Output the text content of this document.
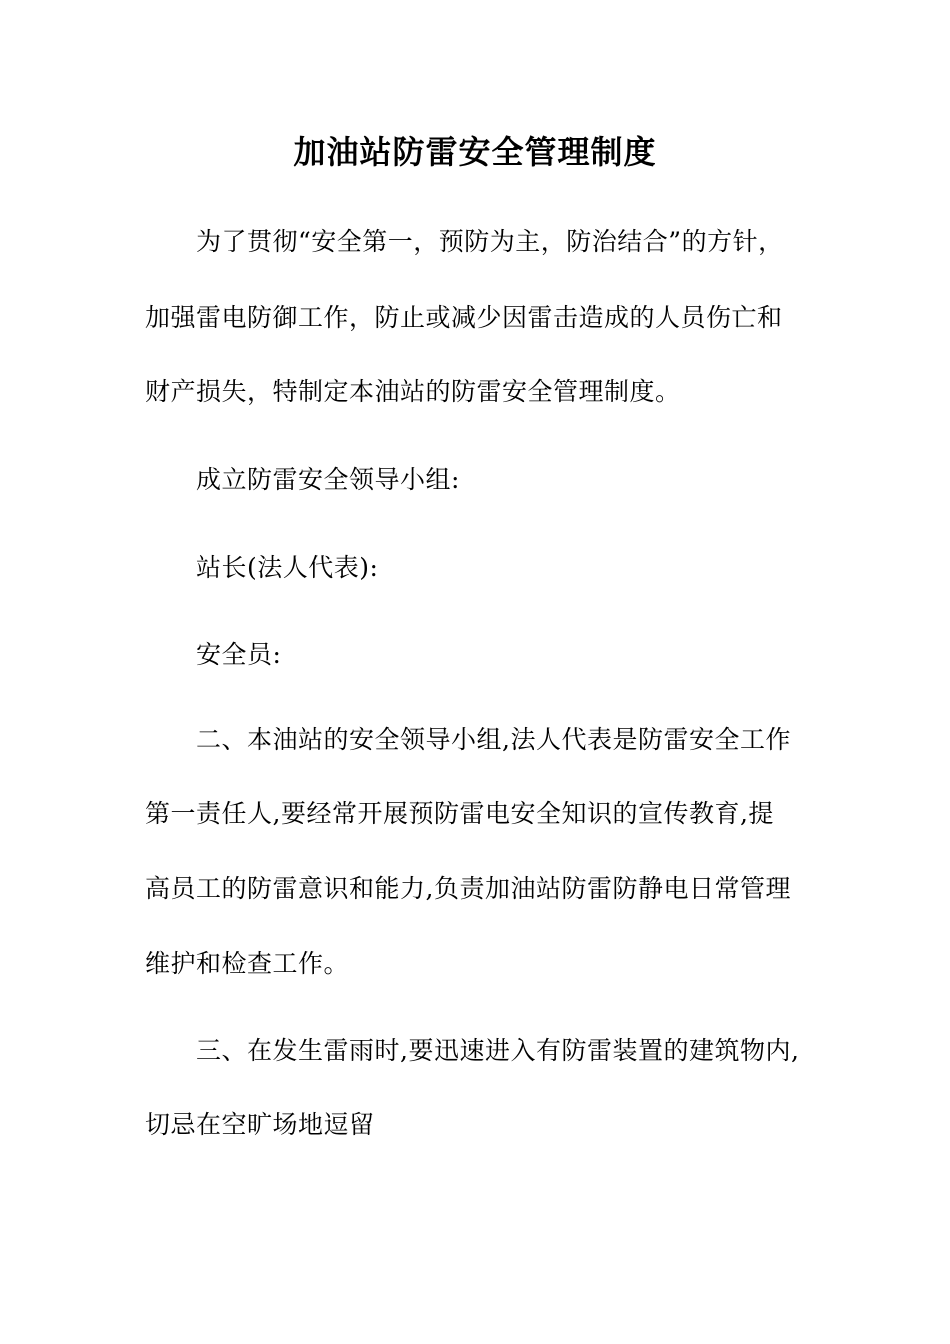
加油站防雷安全管理制度
为了贯彻“安全第一，预防为主，防治结合”的方针，
加强雷电防御工作，防止或减少因雷击造成的人员伤亡和
财产损失，特制定本油站的防雷安全管理制度。
成立防雷安全领导小组:
站长(法人代表):
安全员:
二、本油站的安全领导小组,法人代表是防雷安全工作
第一责任人,要经常开展预防雷电安全知识的宣传教育,提
高员工的防雷意识和能力,负责加油站防雷防静电日常管理
维护和检查工作。
三、在发生雷雨时,要迅速进入有防雷装置的建筑物内,
切忌在空旷场地逗留
